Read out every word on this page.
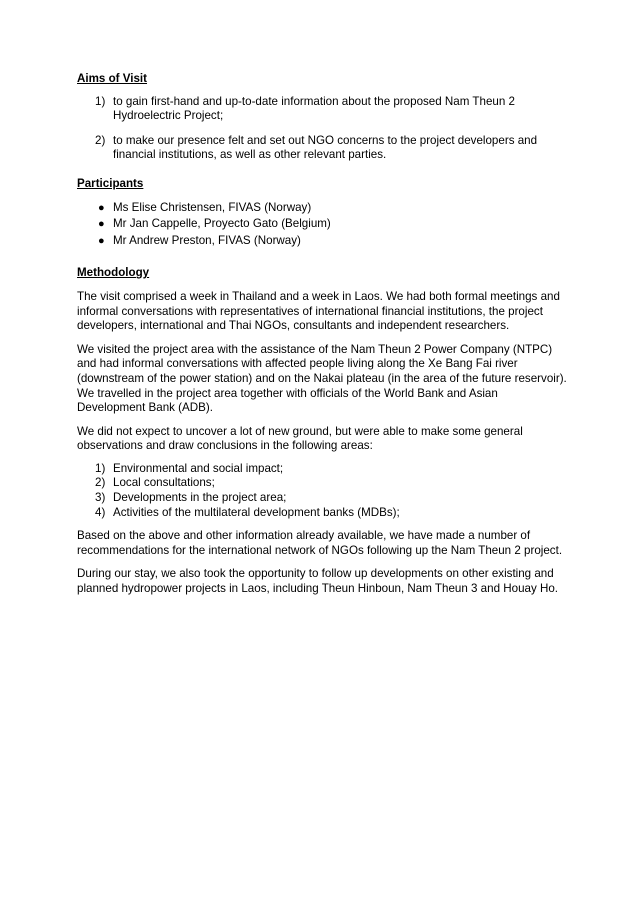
Aims of Visit

1) to gain first-hand and up-to-date information about the proposed Nam Theun 2 Hydroelectric Project;
2) to make our presence felt and set out NGO concerns to the project developers and financial institutions, as well as other relevant parties.

Participants

● Ms Elise Christensen, FIVAS (Norway)
● Mr Jan Cappelle, Proyecto Gato (Belgium)
● Mr Andrew Preston, FIVAS (Norway)

Methodology

The visit comprised a week in Thailand and a week in Laos. We had both formal meetings and informal conversations with representatives of international financial institutions, the project developers, international and Thai NGOs, consultants and independent researchers.

We visited the project area with the assistance of the Nam Theun 2 Power Company (NTPC) and had informal conversations with affected people living along the Xe Bang Fai river (downstream of the power station) and on the Nakai plateau (in the area of the future reservoir). We travelled in the project area together with officials of the World Bank and Asian Development Bank (ADB).

We did not expect to uncover a lot of new ground, but were able to make some general observations and draw conclusions in the following areas:

1) Environmental and social impact;
2) Local consultations;
3) Developments in the project area;
4) Activities of the multilateral development banks (MDBs);

Based on the above and other information already available, we have made a number of recommendations for the international network of NGOs following up the Nam Theun 2 project.

During our stay, we also took the opportunity to follow up developments on other existing and planned hydropower projects in Laos, including Theun Hinboun, Nam Theun 3 and Houay Ho.
